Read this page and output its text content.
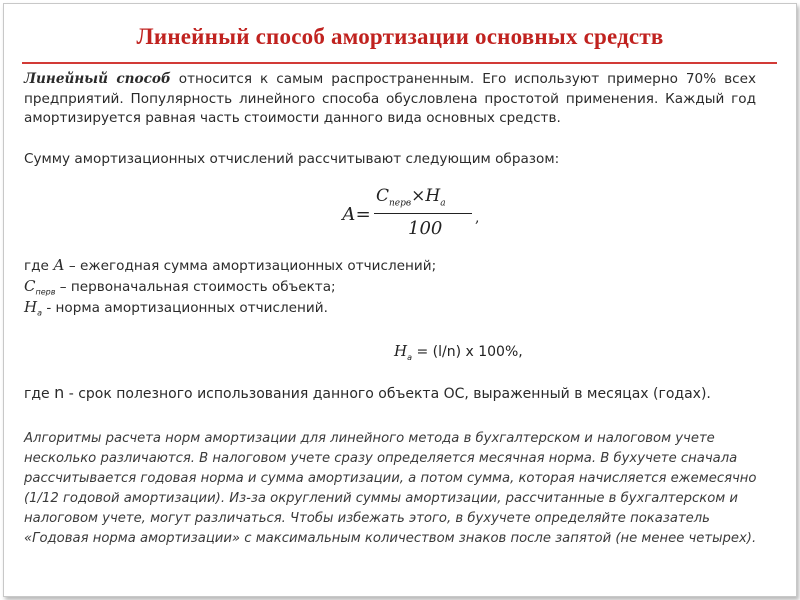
Линейный способ амортизации основных средств
Линейный способ относится к самым распространенным. Его используют примерно 70% всех предприятий. Популярность линейного способа обусловлена простотой применения. Каждый год амортизируется равная часть стоимости данного вида основных средств.
Сумму амортизационных отчислений рассчитывают следующим образом:
А=
$С_{перв}\times Н_а$
100 ,
где А – ежегодная сумма амортизационных отчислений;
$С_{перв}$ – первоначальная стоимость объекта;
$Н_а$ - норма амортизационных отчислений.
$Н_а = (l/n)$ x 100%,
где n - срок полезного использования данного объекта ОС, выраженный в месяцах (годах).
Алгоритмы расчета норм амортизации для линейного метода в бухгалтерском и налоговом учете несколько различаются. В налоговом учете сразу определяется месячная норма. В бухучете сначала рассчитывается годовая норма и сумма амортизации, а потом сумма, которая начисляется ежемесячно (1/12 годовой амортизации). Из-за округлений суммы амортизации, рассчитанные в бухгалтерском и налоговом учете, могут различаться. Чтобы избежать этого, в бухучете определяйте показатель «Годовая норма амортизации» с максимальным количеством знаков после запятой (не менее четырех).
